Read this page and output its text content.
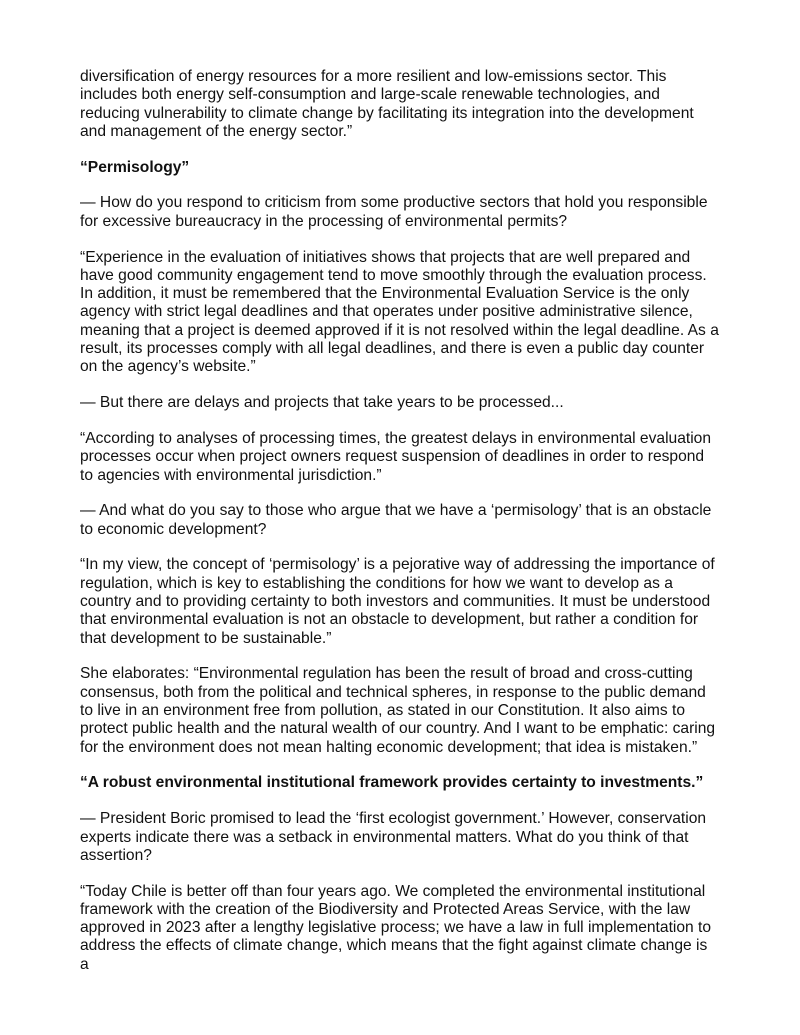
diversification of energy resources for a more resilient and low-emissions sector. This includes both energy self-consumption and large-scale renewable technologies, and reducing vulnerability to climate change by facilitating its integration into the development and management of the energy sector.”

“Permisology”

— How do you respond to criticism from some productive sectors that hold you responsible for excessive bureaucracy in the processing of environmental permits?

“Experience in the evaluation of initiatives shows that projects that are well prepared and have good community engagement tend to move smoothly through the evaluation process. In addition, it must be remembered that the Environmental Evaluation Service is the only agency with strict legal deadlines and that operates under positive administrative silence, meaning that a project is deemed approved if it is not resolved within the legal deadline. As a result, its processes comply with all legal deadlines, and there is even a public day counter on the agency’s website.”

— But there are delays and projects that take years to be processed...

“According to analyses of processing times, the greatest delays in environmental evaluation processes occur when project owners request suspension of deadlines in order to respond to agencies with environmental jurisdiction.”

— And what do you say to those who argue that we have a ‘permisology’ that is an obstacle to economic development?

“In my view, the concept of ‘permisology’ is a pejorative way of addressing the importance of regulation, which is key to establishing the conditions for how we want to develop as a country and to providing certainty to both investors and communities. It must be understood that environmental evaluation is not an obstacle to development, but rather a condition for that development to be sustainable.”

She elaborates: “Environmental regulation has been the result of broad and cross-cutting consensus, both from the political and technical spheres, in response to the public demand to live in an environment free from pollution, as stated in our Constitution. It also aims to protect public health and the natural wealth of our country. And I want to be emphatic: caring for the environment does not mean halting economic development; that idea is mistaken.”

“A robust environmental institutional framework provides certainty to investments.”

— President Boric promised to lead the ‘first ecologist government.’ However, conservation experts indicate there was a setback in environmental matters. What do you think of that assertion?

“Today Chile is better off than four years ago. We completed the environmental institutional framework with the creation of the Biodiversity and Protected Areas Service, with the law approved in 2023 after a lengthy legislative process; we have a law in full implementation to address the effects of climate change, which means that the fight against climate change is a
